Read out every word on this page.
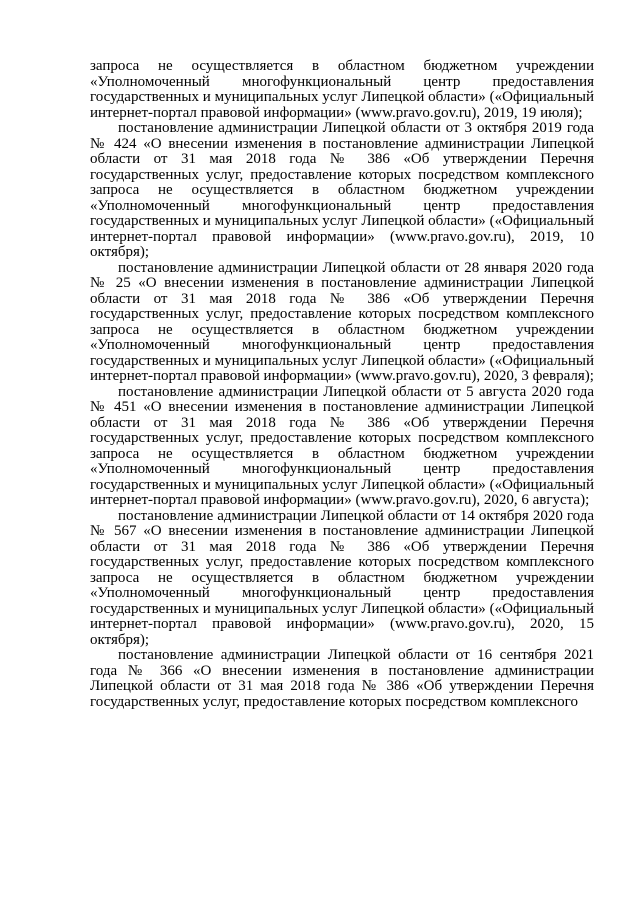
запроса не осуществляется в областном бюджетном учреждении «Уполномоченный многофункциональный центр предоставления государственных и муниципальных услуг Липецкой области» («Официальный интернет-портал правовой информации» (www.pravo.gov.ru), 2019, 19 июля);

постановление администрации Липецкой области от 3 октября 2019 года № 424 «О внесении изменения в постановление администрации Липецкой области от 31 мая 2018 года № 386 «Об утверждении Перечня государственных услуг, предоставление которых посредством комплексного запроса не осуществляется в областном бюджетном учреждении «Уполномоченный многофункциональный центр предоставления государственных и муниципальных услуг Липецкой области» («Официальный интернет-портал правовой информации» (www.pravo.gov.ru), 2019, 10 октября);

постановление администрации Липецкой области от 28 января 2020 года № 25 «О внесении изменения в постановление администрации Липецкой области от 31 мая 2018 года № 386 «Об утверждении Перечня государственных услуг, предоставление которых посредством комплексного запроса не осуществляется в областном бюджетном учреждении «Уполномоченный многофункциональный центр предоставления государственных и муниципальных услуг Липецкой области» («Официальный интернет-портал правовой информации» (www.pravo.gov.ru), 2020, 3 февраля);

постановление администрации Липецкой области от 5 августа 2020 года № 451 «О внесении изменения в постановление администрации Липецкой области от 31 мая 2018 года № 386 «Об утверждении Перечня государственных услуг, предоставление которых посредством комплексного запроса не осуществляется в областном бюджетном учреждении «Уполномоченный многофункциональный центр предоставления государственных и муниципальных услуг Липецкой области» («Официальный интернет-портал правовой информации» (www.pravo.gov.ru), 2020, 6 августа);

постановление администрации Липецкой области от 14 октября 2020 года № 567 «О внесении изменения в постановление администрации Липецкой области от 31 мая 2018 года № 386 «Об утверждении Перечня государственных услуг, предоставление которых посредством комплексного запроса не осуществляется в областном бюджетном учреждении «Уполномоченный многофункциональный центр предоставления государственных и муниципальных услуг Липецкой области» («Официальный интернет-портал правовой информации» (www.pravo.gov.ru), 2020, 15 октября);

постановление администрации Липецкой области от 16 сентября 2021 года № 366 «О внесении изменения в постановление администрации Липецкой области от 31 мая 2018 года № 386 «Об утверждении Перечня государственных услуг, предоставление которых посредством комплексного
